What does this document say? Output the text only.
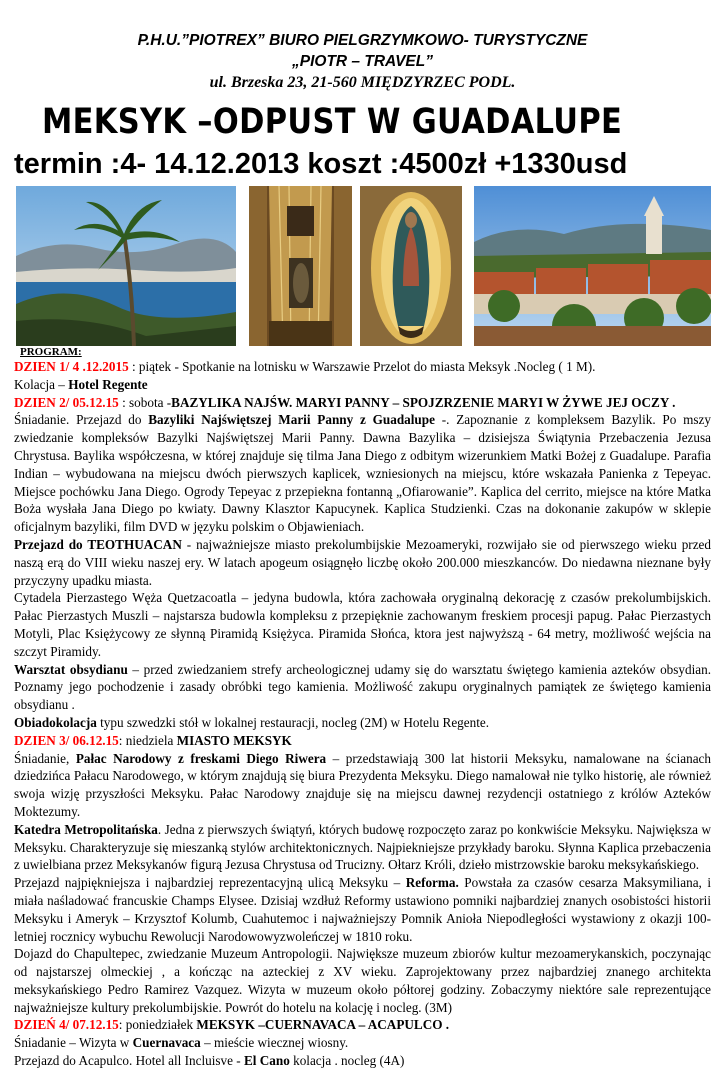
P.H.U.”PIOTREX” BIURO PIELGRZYMKOWO- TURYSTYCZNE
„PIOTR – TRAVEL”
ul. Brzeska 23, 21-560 MIĘDZYRZEC PODL.
MEKSYK –ODPUST W GUADALUPE
termin :4- 14.12.2013 koszt :4500zł +1330usd
PROGRAM:

DZIEN 1/ 4 .12.2015 : piątek - Spotkanie na lotnisku w Warszawie Przelot do miasta Meksyk .Nocleg ( 1 M).

Kolacja – Hotel Regente

DZIEN 2/ 05.12.15 : sobota -BAZYLIKA NAJŚW. MARYI PANNY – SPOJZRZENIE MARYI W ŻYWE JEJ OCZY .

Śniadanie. Przejazd do Bazyliki Najświętszej Marii Panny z Guadalupe -. Zapoznanie z kompleksem Bazylik. Po mszy zwiedzanie kompleksów Bazylki Najświętszej Marii Panny. Dawna Bazylika – dzisiejsza Świątynia Przebaczenia Jezusa Chrystusa. Baylika współczesna, w której znajduje się tilma Jana Diego z odbitym wizerunkiem Matki Bożej z Guadalupe. Parafia Indian – wybudowana na miejscu dwóch pierwszych kaplicek, wzniesionych na miejscu, które wskazała Panienka z Tepeyac. Miejsce pochówku Jana Diego. Ogrody Tepeyac z przepiekna fontanną „Ofiarowanie”. Kaplica del cerrito, miejsce na które Matka Boża wysłała Jana Diego po kwiaty. Dawny Klasztor Kapucynek. Kaplica Studzienki. Czas na dokonanie zakupów w sklepie oficjalnym bazyliki, film DVD w języku polskim o Objawieniach.

Przejazd do TEOTHUACAN - najważniejsze miasto prekolumbijskie Mezoameryki, rozwijało sie od pierwszego wieku przed naszą erą do VIII wieku naszej ery. W latach apogeum osiągnęło liczbę około 200.000 mieszkanców. Do niedawna nieznane były przyczyny upadku miasta.

Cytadela Pierzastego Węża Quetzacoatla – jedyna budowla, która zachowała oryginalną dekorację z czasów prekolumbijskich. Pałac Pierzastych Muszli – najstarsza budowla kompleksu z przepięknie zachowanym freskiem procesji papug. Pałac Pierzastych Motyli, Plac Księżycowy ze słynną Piramidą Księżyca. Piramida Słońca, ktora jest najwyższą - 64 metry, możliwość wejścia na szczyt Piramidy.

Warsztat obsydianu – przed zwiedzaniem strefy archeologicznej udamy się do warsztatu świętego kamienia azteków obsydian. Poznamy jego pochodzenie i zasady obróbki tego kamienia. Możliwość zakupu oryginalnych pamiątek ze świętego kamienia obsydianu .

Obiadokolacja typu szwedzki stół w lokalnej restauracji, nocleg (2M) w Hotelu Regente.

DZIEN 3/ 06.12.15: niedziela MIASTO MEKSYK

Śniadanie, Pałac Narodowy z freskami Diego Riwera – przedstawiają 300 lat historii Meksyku, namalowane na ścianach dziedzińca Pałacu Narodowego, w którym znajdują się biura Prezydenta Meksyku. Diego namalował nie tylko historię, ale również swoja wizję przyszłości Meksyku. Pałac Narodowy znajduje się na miejscu dawnej rezydencji ostatniego z królów Azteków Moktezumy.

Katedra Metropolitańska. Jedna z pierwszych świątyń, których budowę rozpoczęto zaraz po konkwiście Meksyku. Największa w Meksyku. Charakteryzuje się mieszanką stylów architektonicznych. Najpiekniejsze przykłady baroku. Słynna Kaplica przebaczenia z uwielbiana przez Meksykanów figurą Jezusa Chrystusa od Trucizny. Ołtarz Króli, dzieło mistrzowskie baroku meksykańskiego.

Przejazd najpiękniejsza i najbardziej reprezentacyjną ulicą Meksyku – Reforma. Powstała za czasów cesarza Maksymiliana, i miała naśladować francuskie Champs Elysee. Dzisiaj wzdłuż Reformy ustawiono pomniki najbardziej znanych osobistości historii Meksyku i Ameryk – Krzysztof Kolumb, Cuahutemoc i najważniejszy Pomnik Anioła Niepodległości wystawiony z okazji 100- letniej rocznicy wybuchu Rewolucji Narodowowyzwoleńczej w 1810 roku.

Dojazd do Chapultepec, zwiedzanie Muzeum Antropologii. Największe muzeum zbiorów kultur mezoamerykanskich, poczynając od najstarszej olmeckiej , a kończąc na azteckiej z XV wieku. Zaprojektowany przez najbardziej znanego architekta meksykańskiego Pedro Ramirez Vazquez. Wizyta w muzeum około półtorej godziny. Zobaczymy niektóre sale reprezentujące najważniejsze kultury prekolumbijskie. Powrót do hotelu na kolację i nocleg. (3M)

DZIEŃ 4/ 07.12.15: poniedziałek MEKSYK –CUERNAVACA – ACAPULCO .

Śniadanie – Wizyta w Cuernavaca – mieście wiecznej wiosny.

Przejazd do Acapulco. Hotel all Incluisve - El Cano kolacja . nocleg (4A)
